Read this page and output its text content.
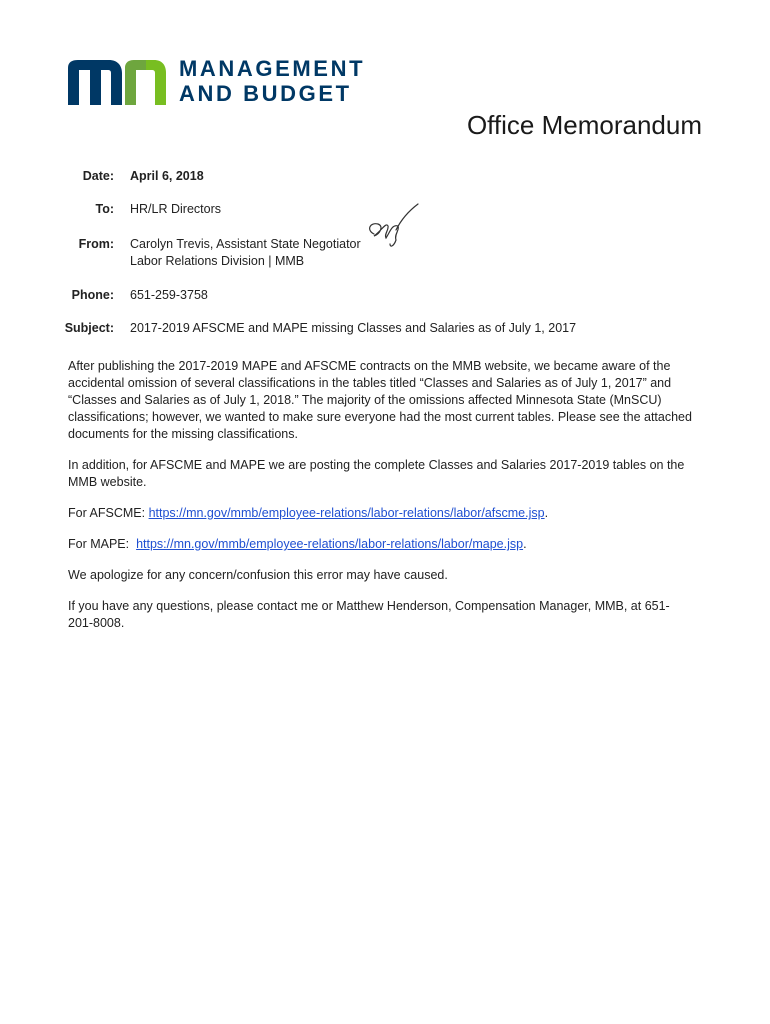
MANAGEMENT
AND BUDGET
Office Memorandum
Date: April 6, 2018
To: HR/LR Directors
From: Carolyn Trevis, Assistant State Negotiator
Labor Relations Division | MMB
Phone: 651-259-3758
Subject: 2017-2019 AFSCME and MAPE missing Classes and Salaries as of July 1, 2017

After publishing the 2017-2019 MAPE and AFSCME contracts on the MMB website, we became aware of the accidental omission of several classifications in the tables titled “Classes and Salaries as of July 1, 2017” and “Classes and Salaries as of July 1, 2018.” The majority of the omissions affected Minnesota State (MnSCU) classifications; however, we wanted to make sure everyone had the most current tables. Please see the attached documents for the missing classifications.

In addition, for AFSCME and MAPE we are posting the complete Classes and Salaries 2017-2019 tables on the MMB website.

For AFSCME: https://mn.gov/mmb/employee-relations/labor-relations/labor/afscme.jsp.

For MAPE:  https://mn.gov/mmb/employee-relations/labor-relations/labor/mape.jsp.

We apologize for any concern/confusion this error may have caused.

If you have any questions, please contact me or Matthew Henderson, Compensation Manager, MMB, at 651-201-8008.
